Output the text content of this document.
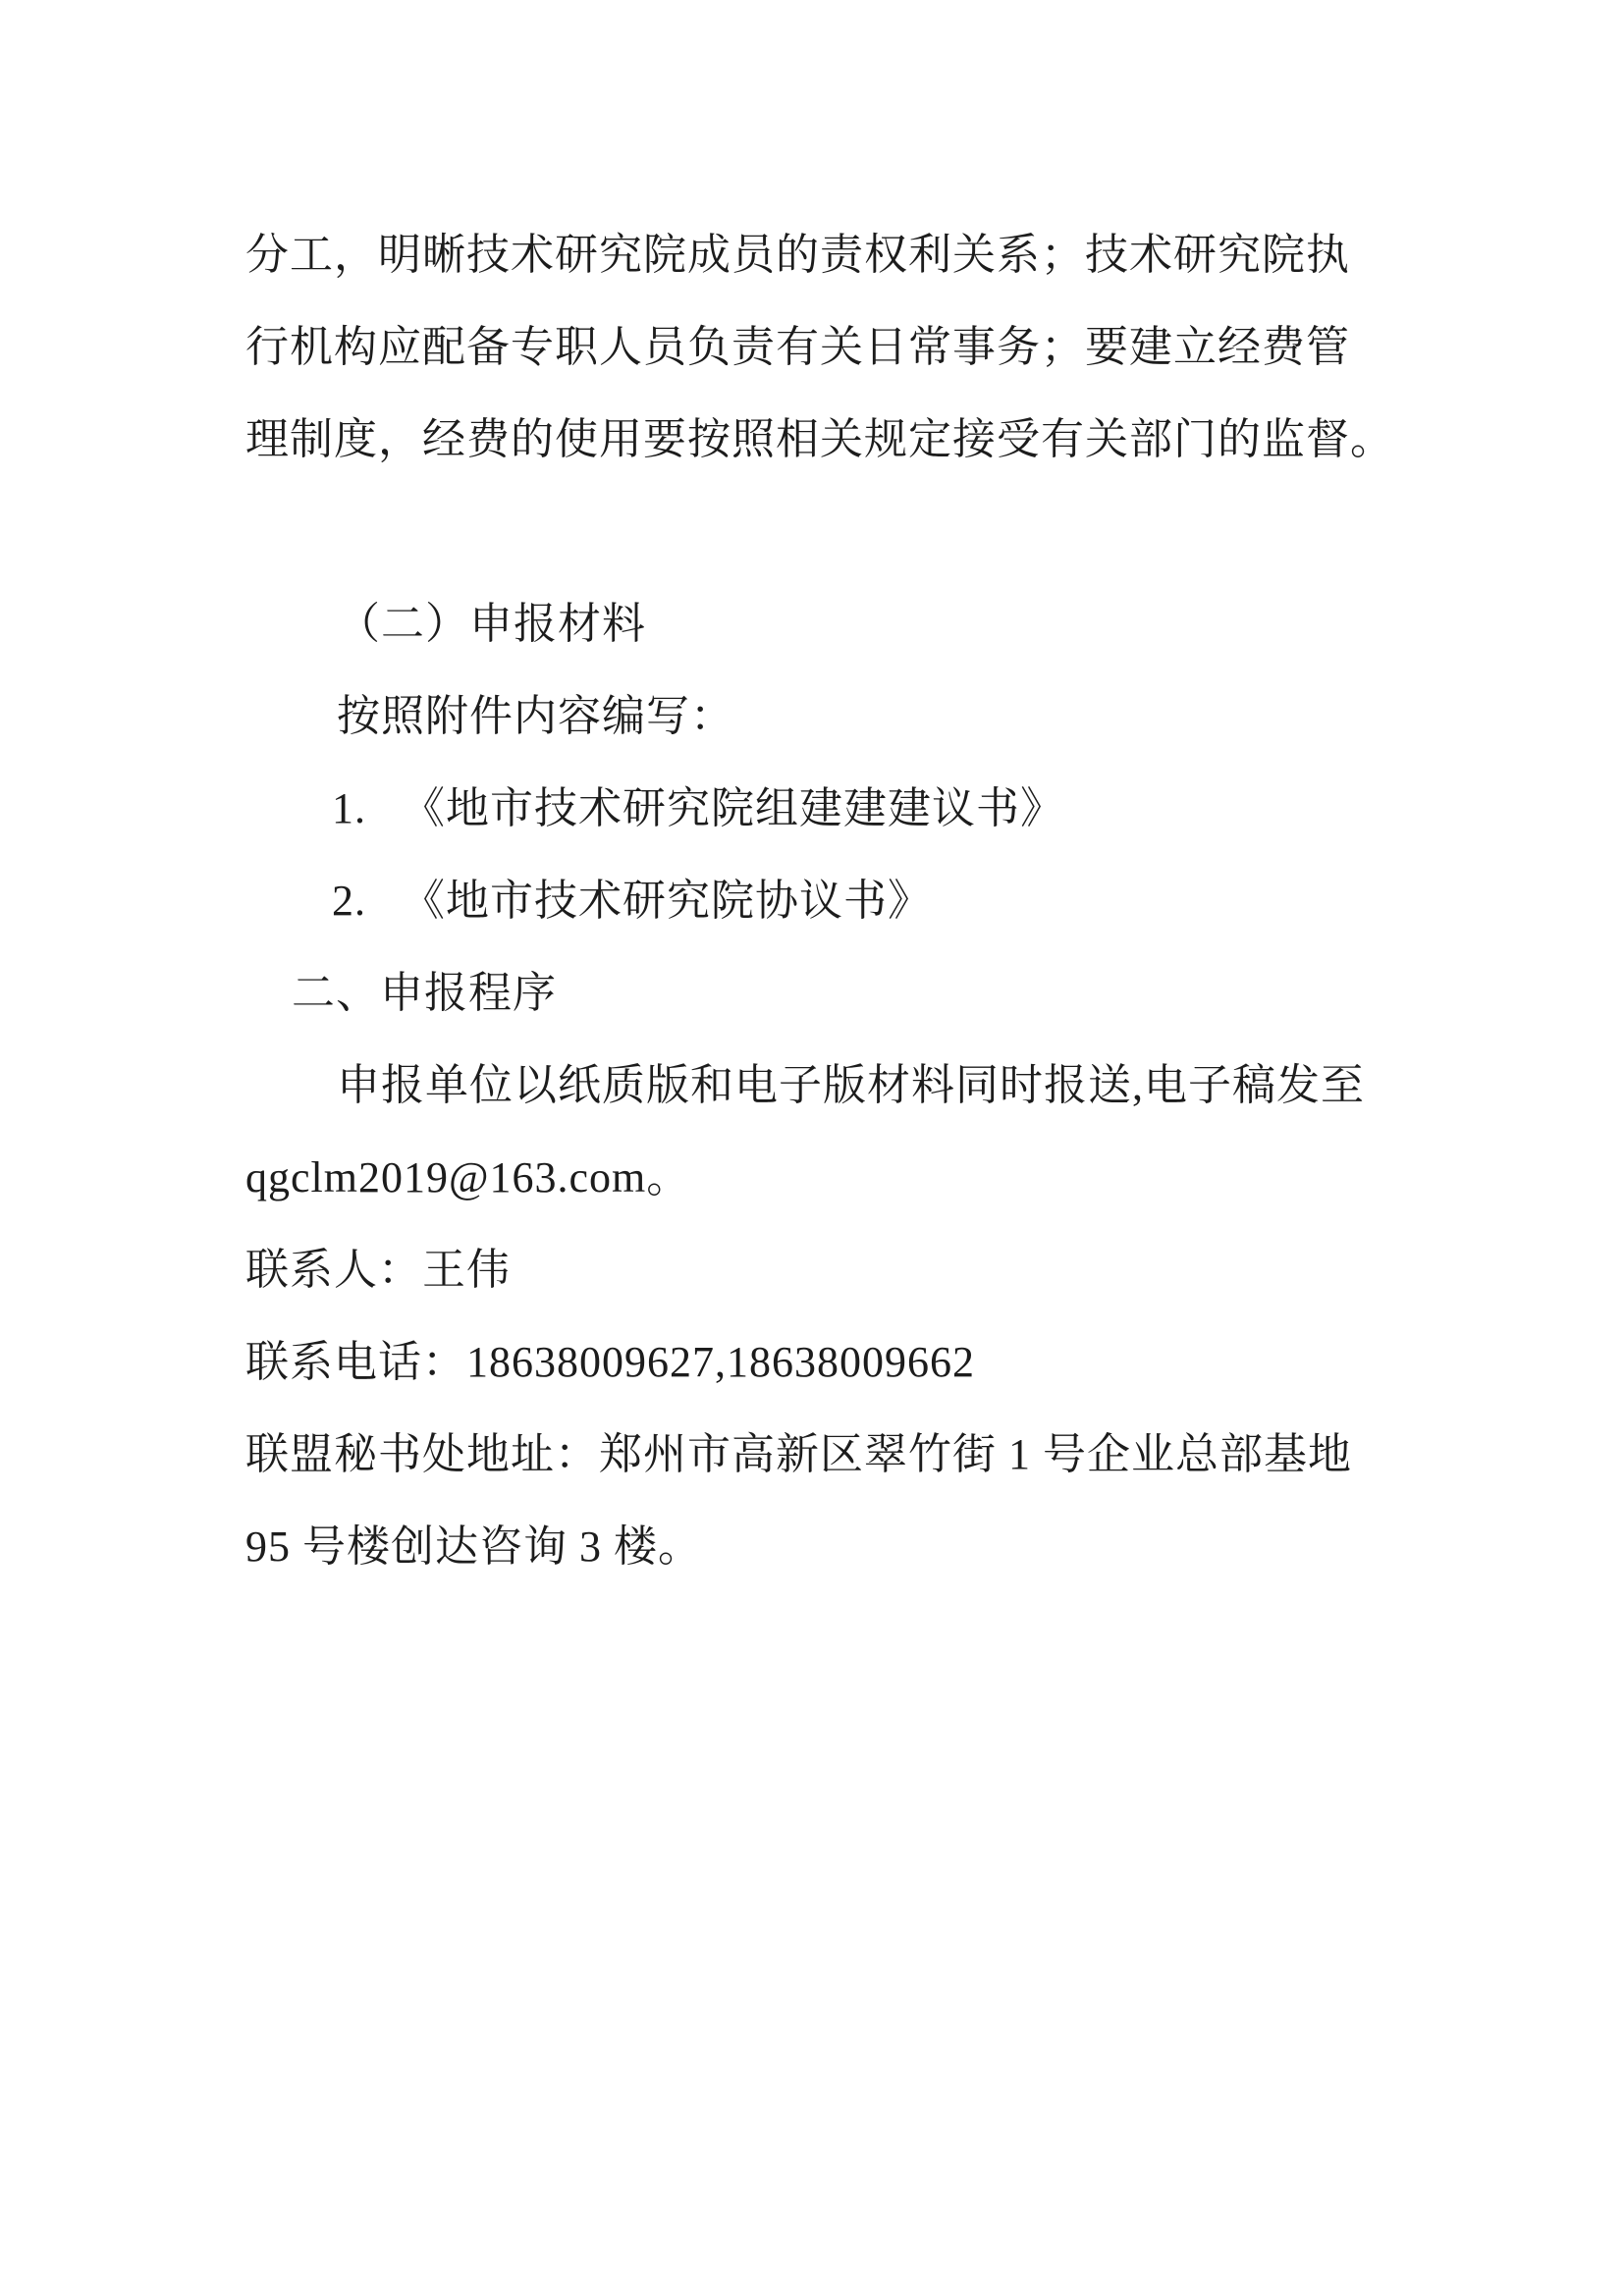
分工，明晰技术研究院成员的责权利关系；技术研究院执
行机构应配备专职人员负责有关日常事务；要建立经费管
理制度，经费的使用要按照相关规定接受有关部门的监督。
（二）申报材料
按照附件内容编写：
1.   《地市技术研究院组建建建议书》
2.   《地市技术研究院协议书》
二、申报程序
申报单位以纸质版和电子版材料同时报送,电子稿发至
qgclm2019@163.com。
联系人：王伟
联系电话：18638009627,18638009662
联盟秘书处地址：郑州市高新区翠竹街 1 号企业总部基地
95 号楼创达咨询 3 楼。
